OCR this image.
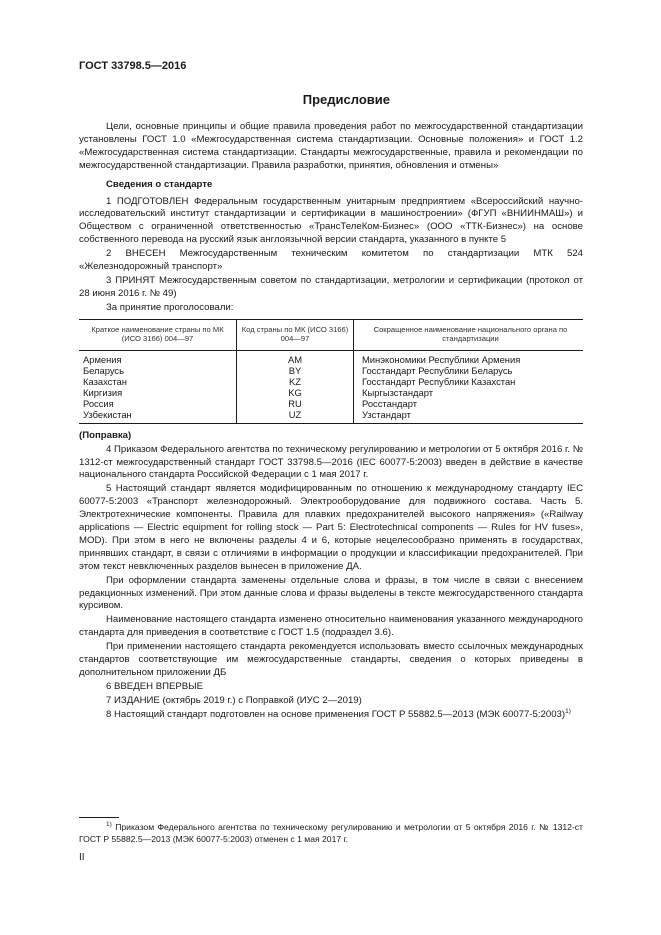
ГОСТ 33798.5—2016
Предисловие

Цели, основные принципы и общие правила проведения работ по межгосударственной стандартизации установлены ГОСТ 1.0 «Межгосударственная система стандартизации. Основные положения» и ГОСТ 1.2 «Межгосударственная система стандартизации. Стандарты межгосударственные, правила и рекомендации по межгосударственной стандартизации. Правила разработки, принятия, обновления и отмены»

Сведения о стандарте

1 ПОДГОТОВЛЕН Федеральным государственным унитарным предприятием «Всероссийский научно-исследовательский институт стандартизации и сертификации в машиностроении» (ФГУП «ВНИИНМАШ») и Обществом с ограниченной ответственностью «ТрансТелеКом-Бизнес» (ООО «ТТК-Бизнес») на основе собственного перевода на русский язык англоязычной версии стандарта, указанного в пункте 5

2 ВНЕСЕН Межгосударственным техническим комитетом по стандартизации МТК 524 «Железнодорожный транспорт»

3 ПРИНЯТ Межгосударственным советом по стандартизации, метрологии и сертификации (протокол от 28 июня 2016 г. № 49)

За принятие проголосовали:

Краткое наименование страны по МК (ИСО 3166) 004—97	Код страны по МК (ИСО 3166) 004—97	Сокращенное наименование национального органа по стандартизации
Армения	AM	Минэкономики Республики Армения
Беларусь	BY	Госстандарт Республики Беларусь
Казахстан	KZ	Госстандарт Республики Казахстан
Киргизия	KG	Кыргызстандарт
Россия	RU	Росстандарт
Узбекистан	UZ	Узстандарт
(Поправка)

4 Приказом Федерального агентства по техническому регулированию и метрологии от 5 октября 2016 г. № 1312-ст межгосударственный стандарт ГОСТ 33798.5—2016 (IEC 60077-5:2003) введен в действие в качестве национального стандарта Российской Федерации с 1 мая 2017 г.

5 Настоящий стандарт является модифицированным по отношению к международному стандарту IEC 60077-5:2003 «Транспорт железнодорожный. Электрооборудование для подвижного состава. Часть 5. Электротехнические компоненты. Правила для плавких предохранителей высокого напряжения» («Railway applications — Electric equipment for rolling stock — Part 5: Electrotechnical components — Rules for HV fuses», MOD). При этом в него не включены разделы 4 и 6, которые нецелесообразно применять в государствах, принявших стандарт, в связи с отличиями в информации о продукции и классификации предохранителей. При этом текст невключенных разделов вынесен в приложение ДА.

При оформлении стандарта заменены отдельные слова и фразы, в том числе в связи с внесением редакционных изменений. При этом данные слова и фразы выделены в тексте межгосударственного стандарта курсивом.

Наименование настоящего стандарта изменено относительно наименования указанного международного стандарта для приведения в соответствие с ГОСТ 1.5 (подраздел 3.6).

При применении настоящего стандарта рекомендуется использовать вместо ссылочных международных стандартов соответствующие им межгосударственные стандарты, сведения о которых приведены в дополнительном приложении ДБ

6 ВВЕДЕН ВПЕРВЫЕ

7 ИЗДАНИЕ (октябрь 2019 г.) с Поправкой (ИУС 2—2019)

8 Настоящий стандарт подготовлен на основе применения ГОСТ Р 55882.5—2013 (МЭК 60077-5:2003)$^{1)}$

$^{1)}$ Приказом Федерального агентства по техническому регулированию и метрологии от 5 октября 2016 г. № 1312-ст ГОСТ Р 55882.5—2013 (МЭК 60077-5:2003) отменен с 1 мая 2017 г.
II
